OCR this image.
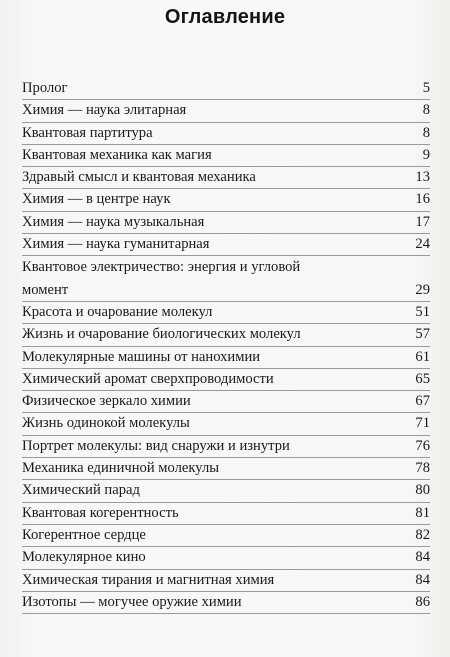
Оглавление
Пролог	5
Химия — наука элитарная	8
Квантовая партитура	8
Квантовая механика как магия	9
Здравый смысл и квантовая механика	13
Химия — в центре наук	16
Химия — наука музыкальная	17
Химия — наука гуманитарная	24
Квантовое электричество: энергия и угловой
момент	29
Красота и очарование молекул	51
Жизнь и очарование биологических молекул	57
Молекулярные машины от нанохимии	61
Химический аромат сверхпроводимости	65
Физическое зеркало химии	67
Жизнь одинокой молекулы	71
Портрет молекулы: вид снаружи и изнутри	76
Механика единичной молекулы	78
Химический парад	80
Квантовая когерентность	81
Когерентное сердце	82
Молекулярное кино	84
Химическая тирания и магнитная химия	84
Изотопы — могучее оружие химии	86
